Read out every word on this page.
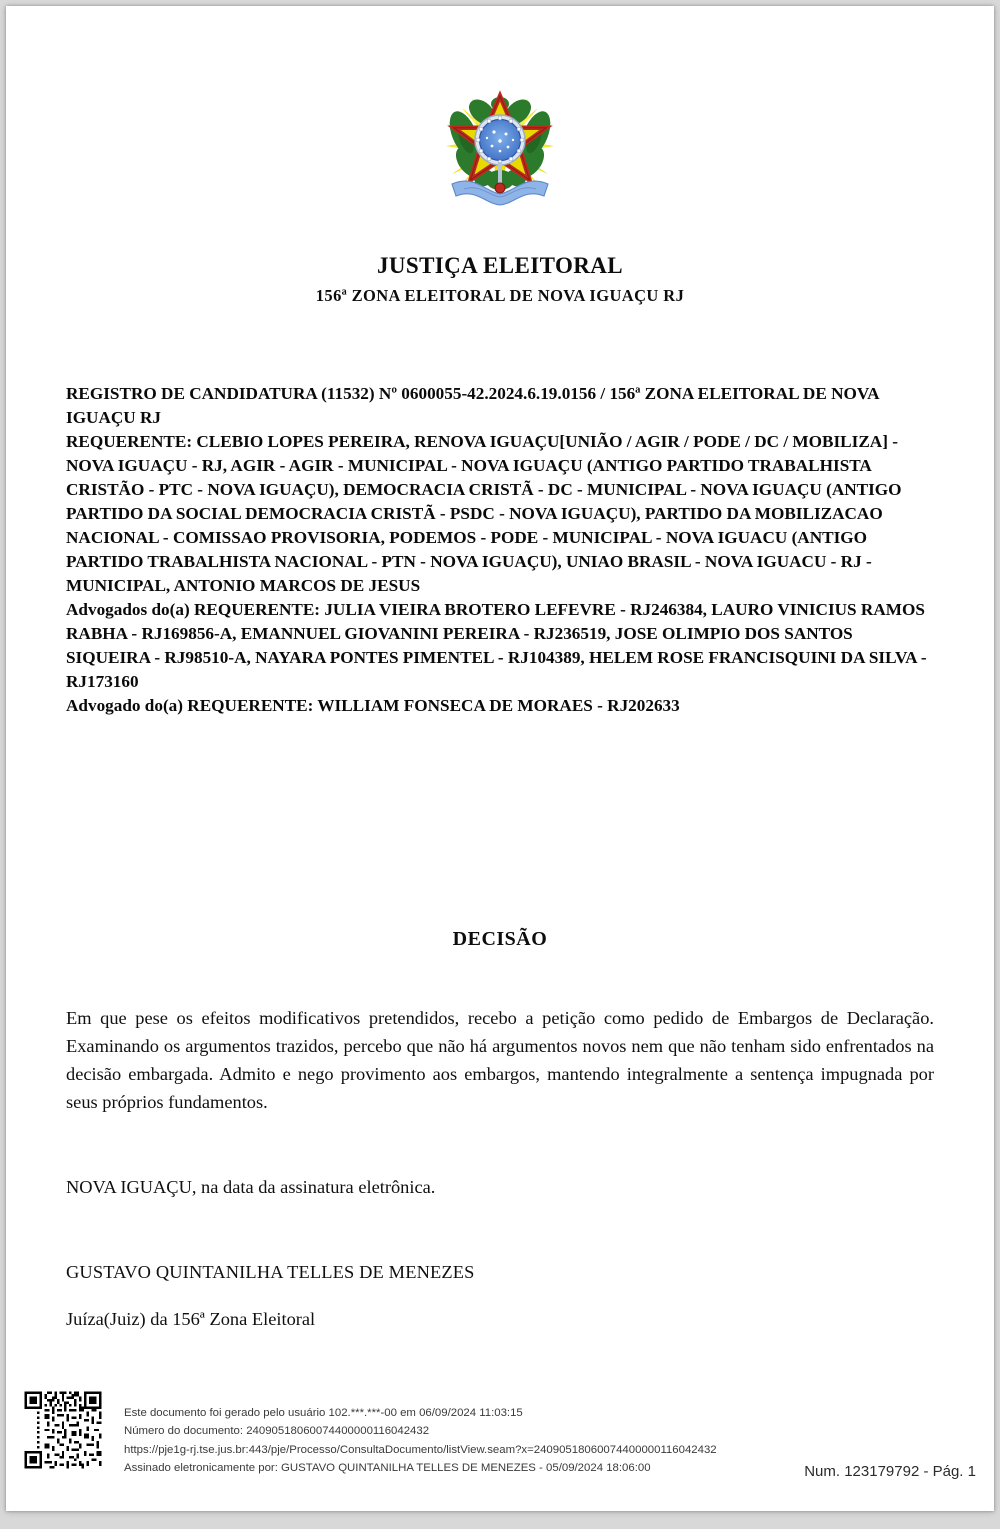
JUSTIÇA ELEITORAL
156ª ZONA ELEITORAL DE NOVA IGUAÇU RJ
REGISTRO DE CANDIDATURA (11532) Nº 0600055-42.2024.6.19.0156 / 156ª ZONA ELEITORAL DE NOVA IGUAÇU RJ
REQUERENTE: CLEBIO LOPES PEREIRA, RENOVA IGUAÇU[UNIÃO / AGIR / PODE / DC / MOBILIZA] - NOVA IGUAÇU - RJ, AGIR - AGIR - MUNICIPAL - NOVA IGUAÇU (ANTIGO PARTIDO TRABALHISTA CRISTÃO - PTC - NOVA IGUAÇU), DEMOCRACIA CRISTÃ - DC - MUNICIPAL - NOVA IGUAÇU (ANTIGO PARTIDO DA SOCIAL DEMOCRACIA CRISTÃ - PSDC - NOVA IGUAÇU), PARTIDO DA MOBILIZACAO NACIONAL - COMISSAO PROVISORIA, PODEMOS - PODE - MUNICIPAL - NOVA IGUACU (ANTIGO PARTIDO TRABALHISTA NACIONAL - PTN - NOVA IGUAÇU), UNIAO BRASIL - NOVA IGUACU - RJ - MUNICIPAL, ANTONIO MARCOS DE JESUS
Advogados do(a) REQUERENTE: JULIA VIEIRA BROTERO LEFEVRE - RJ246384, LAURO VINICIUS RAMOS RABHA - RJ169856-A, EMANNUEL GIOVANINI PEREIRA - RJ236519, JOSE OLIMPIO DOS SANTOS SIQUEIRA - RJ98510-A, NAYARA PONTES PIMENTEL - RJ104389, HELEM ROSE FRANCISQUINI DA SILVA - RJ173160
Advogado do(a) REQUERENTE: WILLIAM FONSECA DE MORAES - RJ202633
DECISÃO

Em que pese os efeitos modificativos pretendidos, recebo a petição como pedido de Embargos de Declaração. Examinando os argumentos trazidos, percebo que não há argumentos novos nem que não tenham sido enfrentados na decisão embargada. Admito e nego provimento aos embargos, mantendo integralmente a sentença impugnada por seus próprios fundamentos.

NOVA IGUAÇU, na data da assinatura eletrônica.
GUSTAVO QUINTANILHA TELLES DE MENEZES
Juíza(Juiz) da 156ª Zona Eleitoral
Este documento foi gerado pelo usuário 102.***.***-00 em 06/09/2024 11:03:15
Número do documento: 24090518060074400000116042432
https://pje1g-rj.tse.jus.br:443/pje/Processo/ConsultaDocumento/listView.seam?x=24090518060074400000116042432
Assinado eletronicamente por: GUSTAVO QUINTANILHA TELLES DE MENEZES - 05/09/2024 18:06:00	Num. 123179792 - Pág. 1
